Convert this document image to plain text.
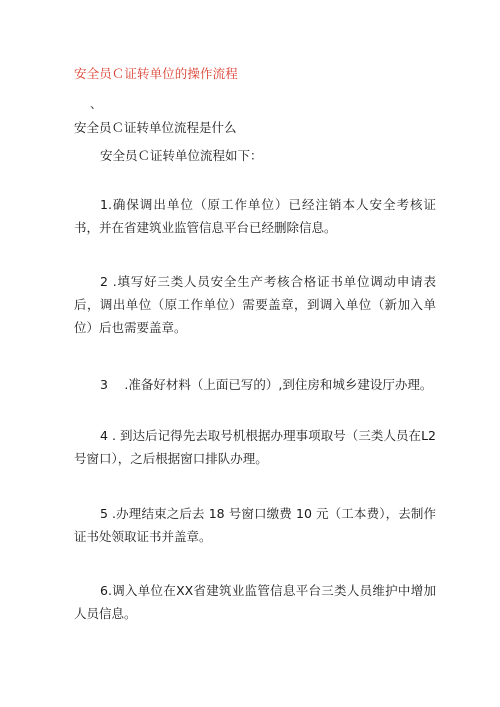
安全员Ｃ证转单位的操作流程
、
安全员Ｃ证转单位流程是什么
安全员Ｃ证转单位流程如下：
1.确保调出单位（原工作单位）已经注销本人安全考核证书，并在省建筑业监管信息平台已经删除信息。
2 .填写好三类人员安全生产考核合格证书单位调动申请表后，调出单位（原工作单位）需要盖章，到调入单位（新加入单位）后也需要盖章。
3 　.准备好材料（上面已写的）,到住房和城乡建设厅办理。
4 . 到达后记得先去取号机根据办理事项取号（三类人员在L2号窗口），之后根据窗口排队办理。
5 .办理结束之后去 18 号窗口缴费 10 元（工本费），去制作证书处领取证书并盖章。
6.调入单位在XX省建筑业监管信息平台三类人员维护中增加人员信息。
